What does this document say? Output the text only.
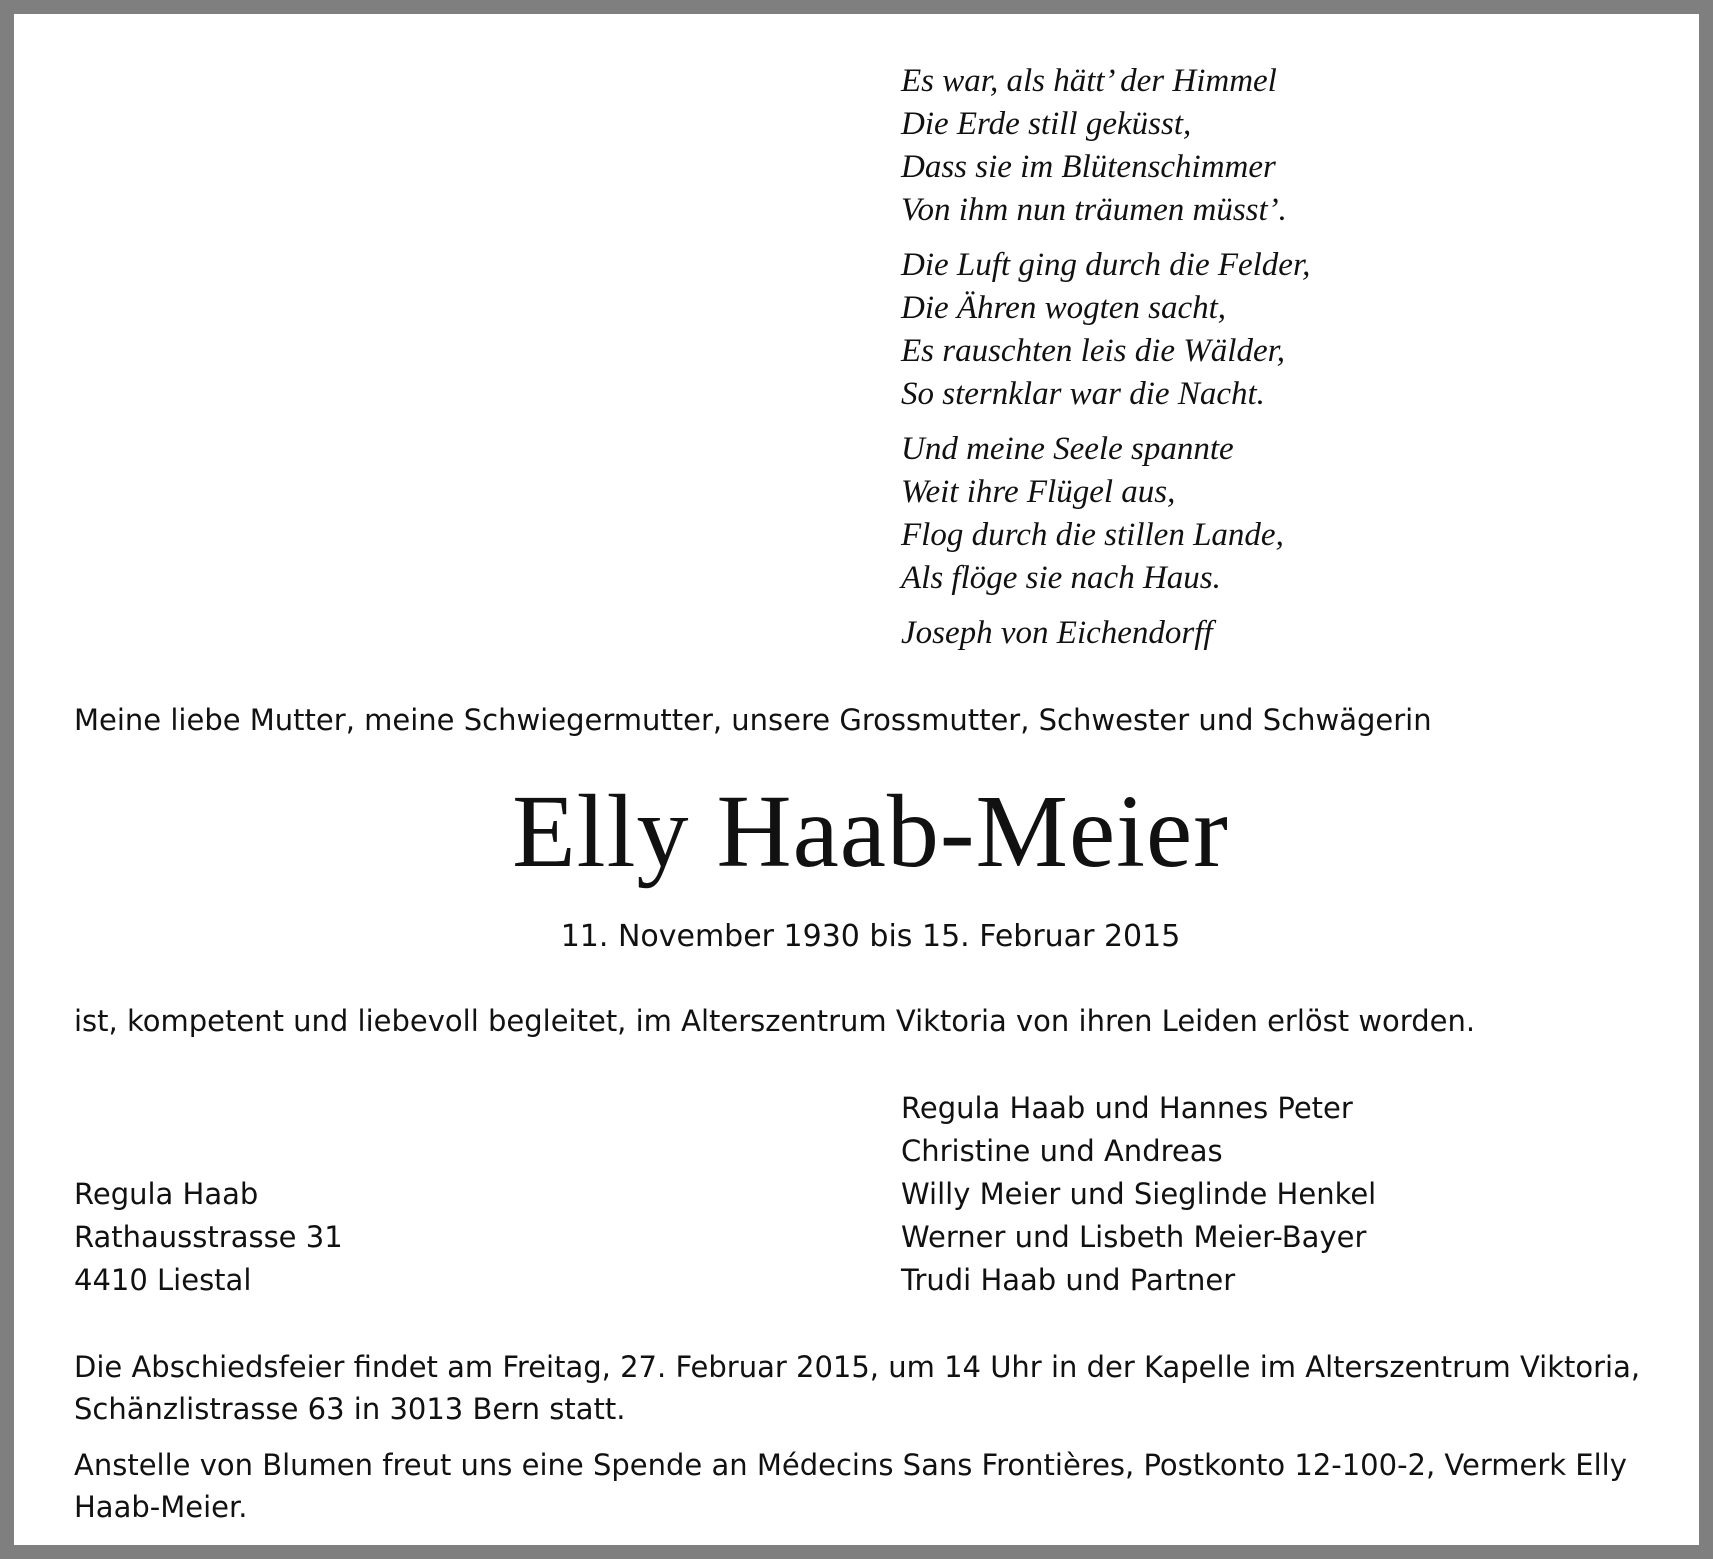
Es war, als hätt’ der Himmel
Die Erde still geküsst,
Dass sie im Blütenschimmer
Von ihm nun träumen müsst’.
Die Luft ging durch die Felder,
Die Ähren wogten sacht,
Es rauschten leis die Wälder,
So sternklar war die Nacht.
Und meine Seele spannte
Weit ihre Flügel aus,
Flog durch die stillen Lande,
Als flöge sie nach Haus.
Joseph von Eichendorff
Meine liebe Mutter, meine Schwiegermutter, unsere Grossmutter, Schwester und Schwägerin
Elly Haab-Meier
11. November 1930 bis 15. Februar 2015
ist, kompetent und liebevoll begleitet, im Alterszentrum Viktoria von ihren Leiden erlöst worden.
Regula Haab und Hannes Peter
Christine und Andreas
Willy Meier und Sieglinde Henkel
Werner und Lisbeth Meier-Bayer
Trudi Haab und Partner
Regula Haab
Rathausstrasse 31
4410 Liestal
Die Abschiedsfeier findet am Freitag, 27. Februar 2015, um 14 Uhr in der Kapelle im Alterszentrum Viktoria, Schänzlistrasse 63 in 3013 Bern statt.
Anstelle von Blumen freut uns eine Spende an Médecins Sans Frontières, Postkonto 12-100-2, Vermerk Elly Haab-Meier.
